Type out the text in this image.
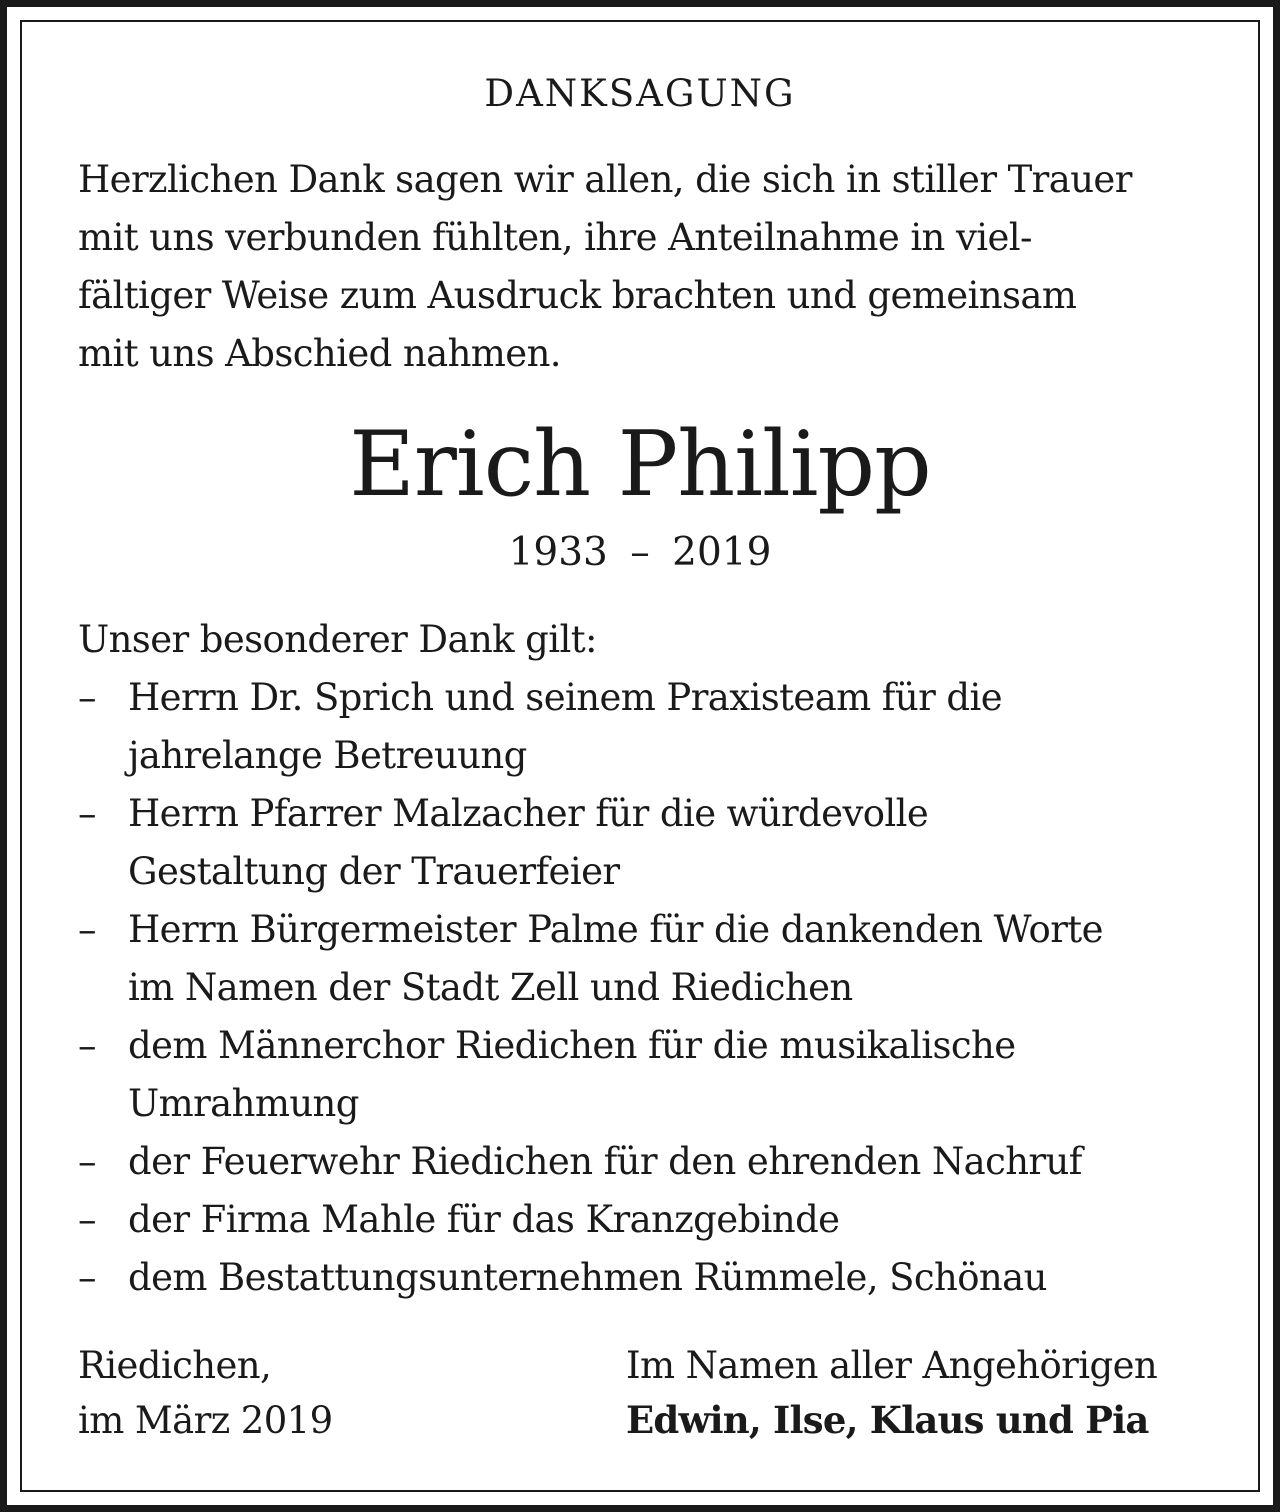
DANKSAGUNG
Herzlichen Dank sagen wir allen, die sich in stiller Trauer
mit uns verbunden fühlten, ihre Anteilnahme in viel-
fältiger Weise zum Ausdruck brachten und gemeinsam
mit uns Abschied nahmen.
Erich Philipp
1933 – 2019
Unser besonderer Dank gilt:
– Herrn Dr. Sprich und seinem Praxisteam für die
jahrelange Betreuung
– Herrn Pfarrer Malzacher für die würdevolle
Gestaltung der Trauerfeier
– Herrn Bürgermeister Palme für die dankenden Worte
im Namen der Stadt Zell und Riedichen
– dem Männerchor Riedichen für die musikalische
Umrahmung
– der Feuerwehr Riedichen für den ehrenden Nachruf
– der Firma Mahle für das Kranzgebinde
– dem Bestattungsunternehmen Rümmele, Schönau
Riedichen,
im März 2019
Im Namen aller Angehörigen
Edwin, Ilse, Klaus und Pia
